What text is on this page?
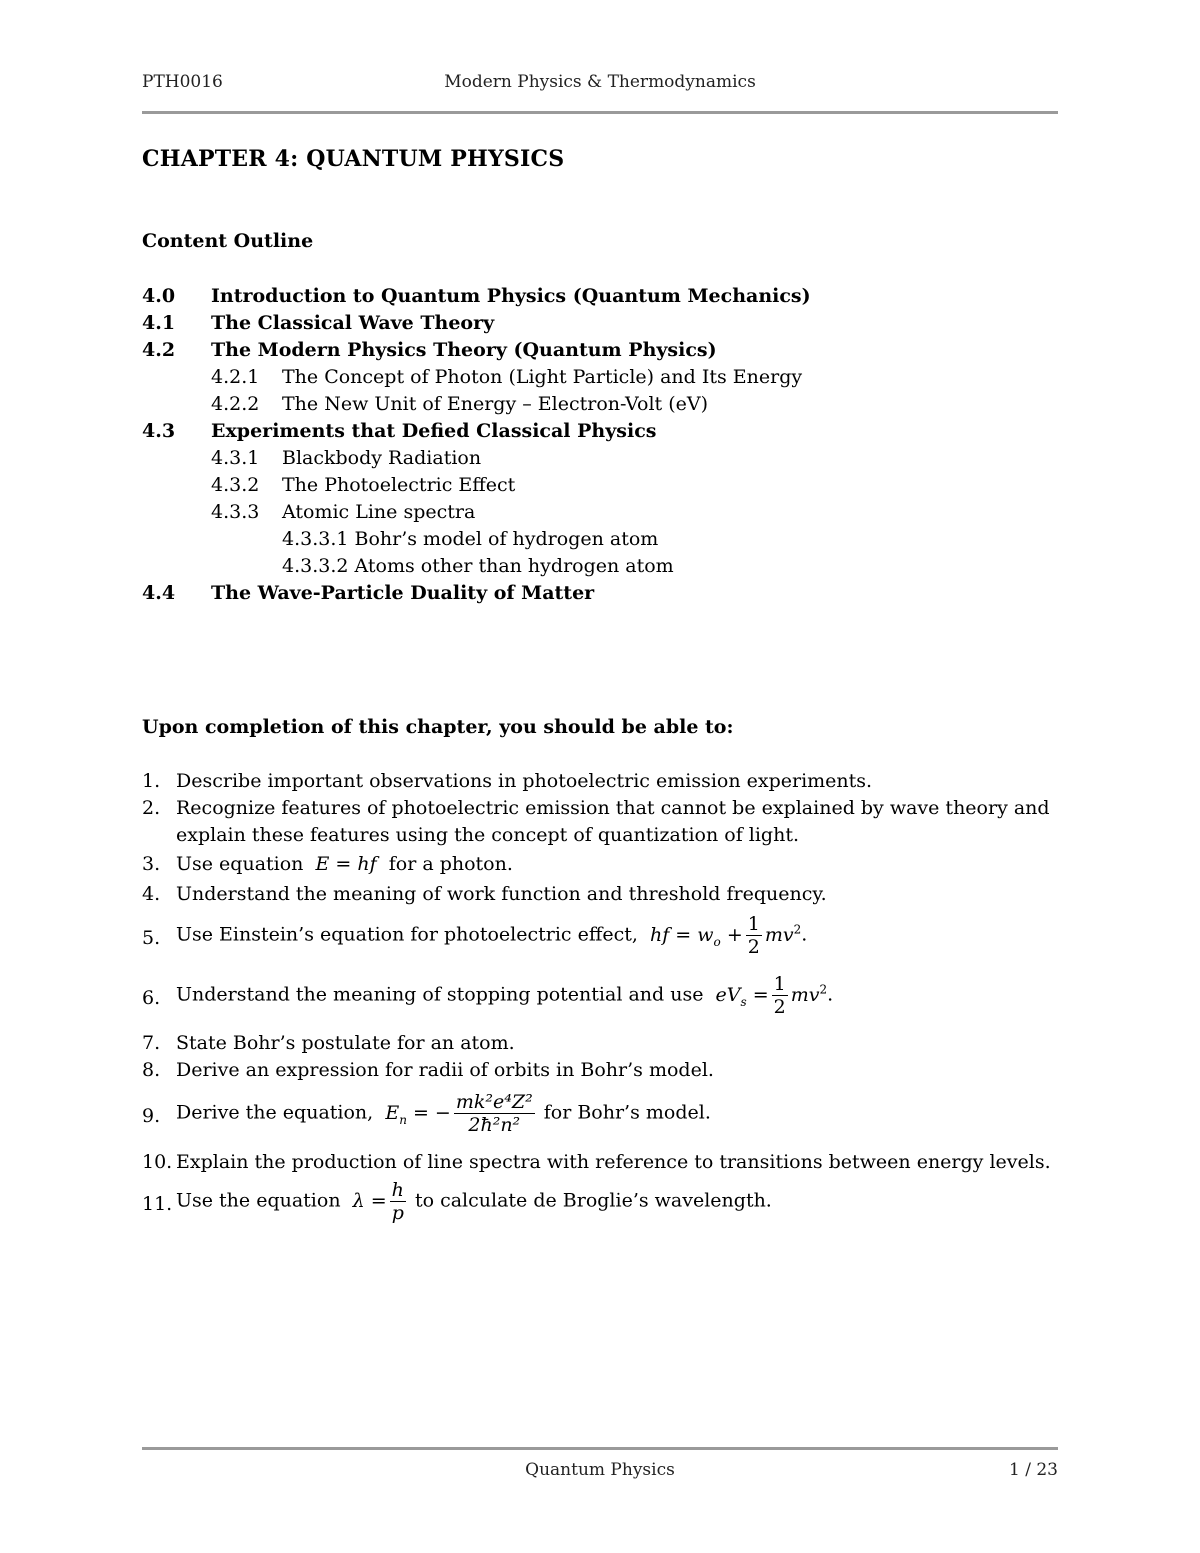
PTH0016	Modern Physics & Thermodynamics
CHAPTER 4: QUANTUM PHYSICS
Content Outline
4.0 Introduction to Quantum Physics (Quantum Mechanics)
4.1 The Classical Wave Theory
4.2 The Modern Physics Theory (Quantum Physics)
4.2.1 The Concept of Photon (Light Particle) and Its Energy
4.2.2 The New Unit of Energy – Electron-Volt (eV)
4.3 Experiments that Defied Classical Physics
4.3.1 Blackbody Radiation
4.3.2 The Photoelectric Effect
4.3.3 Atomic Line spectra
4.3.3.1 Bohr’s model of hydrogen atom
4.3.3.2 Atoms other than hydrogen atom
4.4 The Wave-Particle Duality of Matter
Upon completion of this chapter, you should be able to:
1. Describe important observations in photoelectric emission experiments.
2. Recognize features of photoelectric emission that cannot be explained by wave theory and
explain these features using the concept of quantization of light.
3. Use equation E = hf for a photon.
4. Understand the meaning of work function and threshold frequency.
5. Use Einstein’s equation for photoelectric effect, hf = $w_o + \frac{1}{2} mv^2$.
6. Understand the meaning of stopping potential and use $eV_s = \frac{1}{2} mv^2$.
7. State Bohr’s postulate for an atom.
8. Derive an expression for radii of orbits in Bohr’s model.
9. Derive the equation, $E_n$ = − $\frac{\text{mk²e⁴Z²}}{\text{2ħ²n²}}$ for Bohr’s model.
10. Explain the production of line spectra with reference to transitions between energy levels.
11. Use the equation $\lambda = \frac{h}{p}$ to calculate de Broglie’s wavelength.
Quantum Physics	1 / 23
